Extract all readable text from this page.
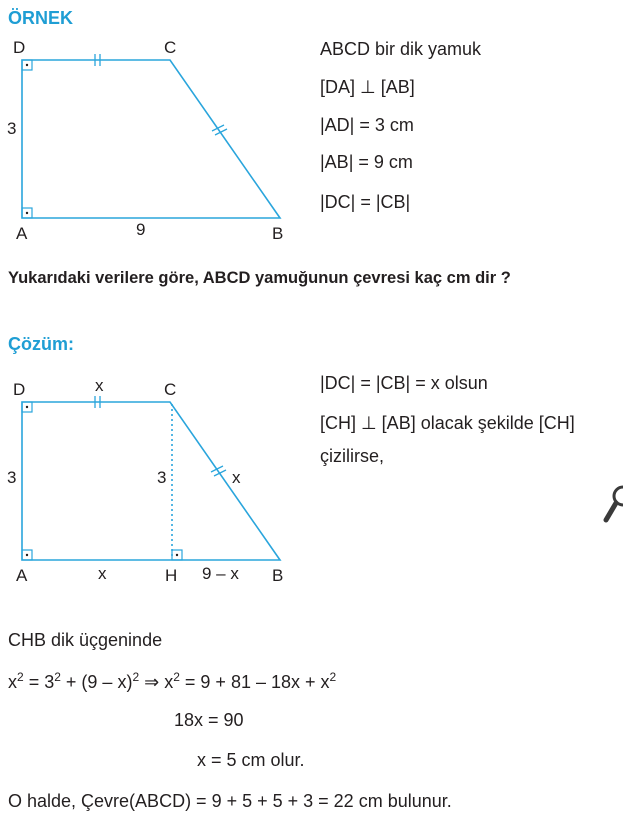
ÖRNEK
D	C
A	B
3
9
ABCD bir dik yamuk
[DA] ⊥ [AB]
|AD| = 3 cm
|AB| = 9 cm
|DC| = |CB|
Yukarıdaki verilere göre, ABCD yamuğunun çevresi kaç cm dir ?
Çözüm:
D	C
A	H	B
x
3	3	x
x	9 – x
|DC| = |CB| = x olsun
[CH] ⊥ [AB] olacak şekilde [CH]
çizilirse,
CHB dik üçgeninde
$x^2 = 3^2 + (9 - x)^2$ ⇒ $x^2 = 9 + 81 - 18x + x^2$
18x = 90
x = 5 cm olur.
O halde, Çevre(ABCD) = 9 + 5 + 5 + 3 = 22 cm bulunur.
